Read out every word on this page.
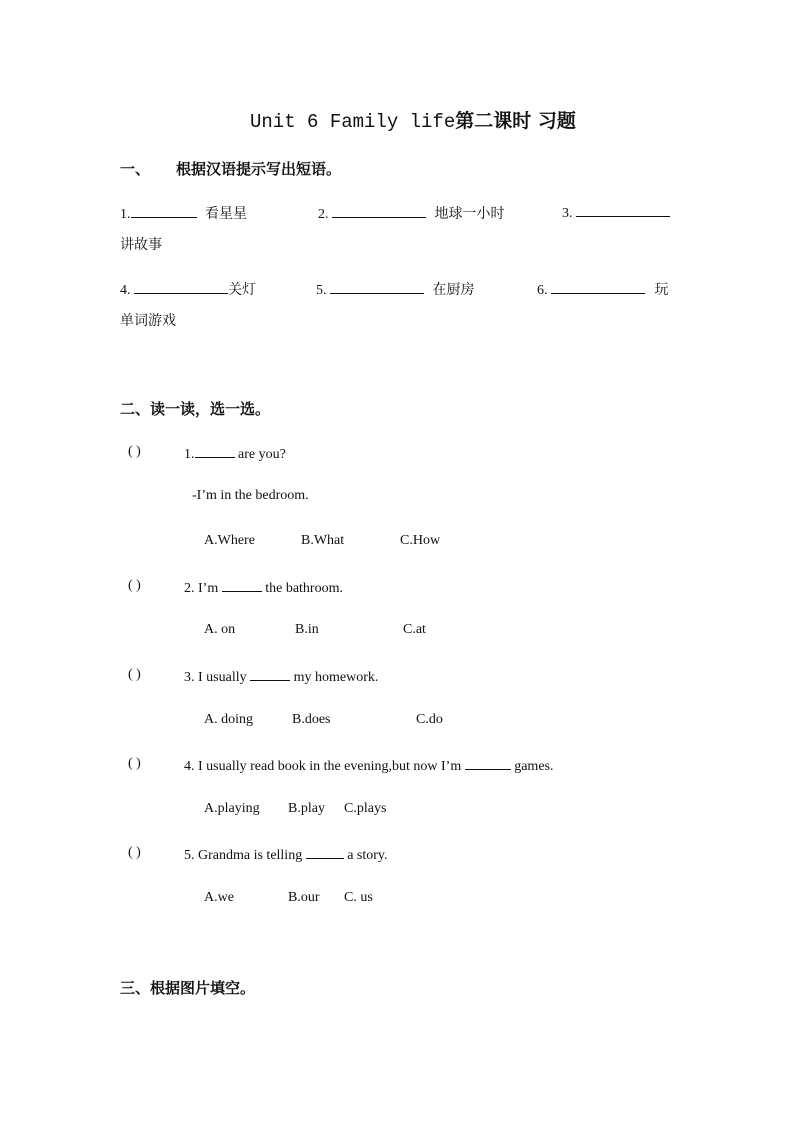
Unit 6 Family life第二课时 习题
一、 根据汉语提示写出短语。
1.	看星星	2.	地球一小时	3.
讲故事
4.	关灯	5.	在厨房	6.	玩
单词游戏
二、读一读，选一选。
( )	1.	are you?
-I’m in the bedroom.
A.Where	B.What	C.How
( )	2. I’m	the bathroom.
A. on	B.in	C.at
( )	3. I usually	my homework.
A. doing	B.does	C.do
( )	4. I usually read book in the evening,but now I’m	games.
A.playing B.play C.plays
( )	5. Grandma is telling	a story.
A.we	B.our C. us
三、根据图片填空。
